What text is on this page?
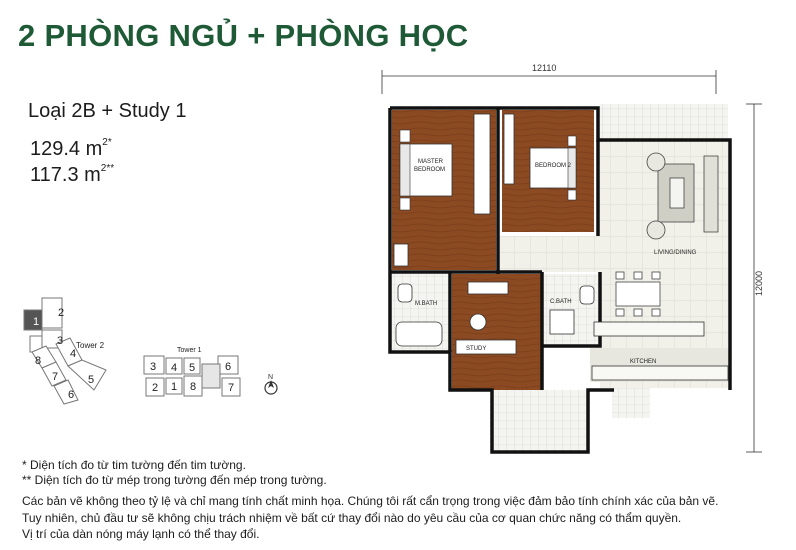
2 PHÒNG NGỦ + PHÒNG HỌC
Loại 2B + Study 1
129.4 $m^{2*}$
117.3 $m^{2**}$
1
2
3
4
5
6
7
8
Tower 2
Tower 1
3 4 5	6
2 1 8	7
N
12110
12000
MASTER BEDROOM
BEDROOM 2
LIVING/DINING
KITCHEN
M.BATH	C.BATH
STUDY
* Diện tích đo từ tim tường đến tim tường.
** Diện tích đo từ mép trong tường đến mép trong tường.
Các bản vẽ không theo tỷ lệ và chỉ mang tính chất minh họa. Chúng tôi rất cẩn trọng trong việc đảm bảo tính chính xác của bản vẽ.
Tuy nhiên, chủ đầu tư sẽ không chịu trách nhiệm về bất cứ thay đổi nào do yêu cầu của cơ quan chức năng có thẩm quyền.
Vị trí của dàn nóng máy lạnh có thể thay đổi.
